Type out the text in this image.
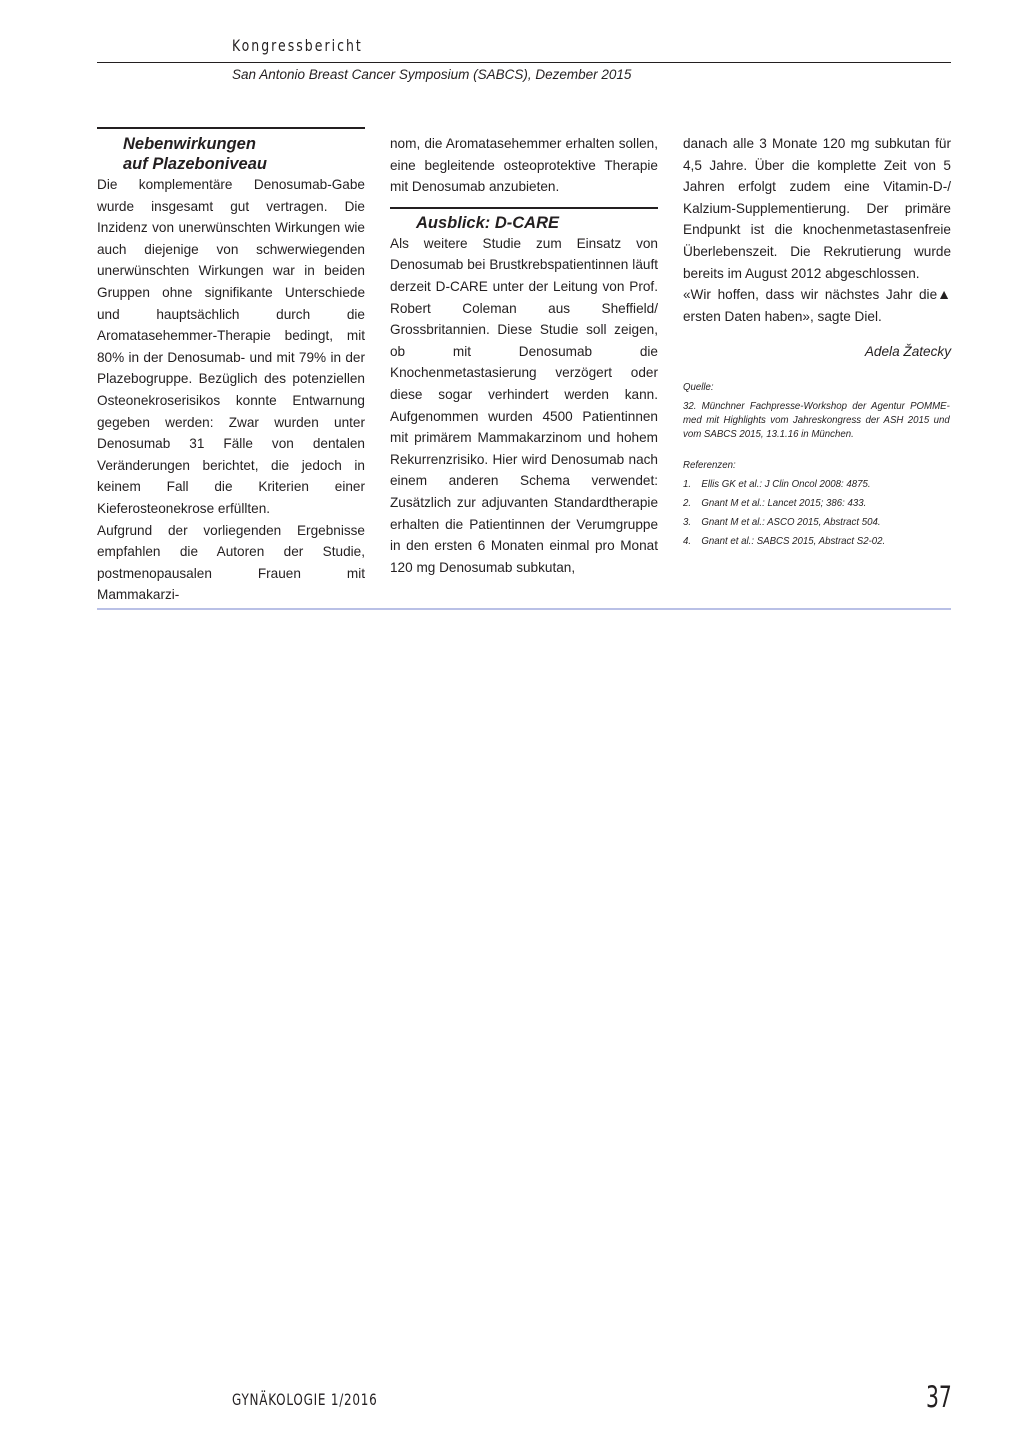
Kongressbericht
San Antonio Breast Cancer Symposium (SABCS), Dezember 2015
Nebenwirkungen
auf Plazeboniveau

Die komplementäre Denosumab-Gabe wurde insgesamt gut vertragen. Die Inzidenz von unerwünschten Wirkungen wie auch diejenige von schwerwiegenden unerwünschten Wirkungen war in beiden Gruppen ohne signifikante Unterschiede und hauptsächlich durch die Aromatasehemmer-Therapie bedingt, mit 80% in der Denosumab- und mit 79% in der Plazebogruppe. Bezüglich des potenziellen Osteonekroserisikos konnte Entwarnung gegeben werden: Zwar wurden unter Denosumab 31 Fälle von dentalen Veränderungen berichtet, die jedoch in keinem Fall die Kriterien einer Kieferosteonekrose erfüllten.

Aufgrund der vorliegenden Ergebnisse empfahlen die Autoren der Studie, postmenopausalen Frauen mit Mammakarzi-

nom, die Aromatasehemmer erhalten sollen, eine begleitende osteoprotektive Therapie mit Denosumab anzubieten.

Ausblick: D-CARE

Als weitere Studie zum Einsatz von Denosumab bei Brustkrebspatientinnen läuft derzeit D-CARE unter der Leitung von Prof. Robert Coleman aus Sheffield/ Grossbritannien. Diese Studie soll zeigen, ob mit Denosumab die Knochenmetastasierung verzögert oder diese sogar verhindert werden kann. Aufgenommen wurden 4500 Patientinnen mit primärem Mammakarzinom und hohem Rekurrenzrisiko. Hier wird Denosumab nach einem anderen Schema verwendet: Zusätzlich zur adjuvanten Standardtherapie erhalten die Patientinnen der Verumgruppe in den ersten 6 Monaten einmal pro Monat 120 mg Denosumab subkutan,

danach alle 3 Monate 120 mg subkutan für 4,5 Jahre. Über die komplette Zeit von 5 Jahren erfolgt zudem eine Vitamin-D-/ Kalzium-Supplementierung. Der primäre Endpunkt ist die knochenmetastasenfreie Überlebenszeit. Die Rekrutierung wurde bereits im August 2012 abgeschlossen.

▲
«Wir hoffen, dass wir nächstes Jahr die ersten Daten haben», sagte Diel.
Adela Žatecky
Quelle:
32. Münchner Fachpresse-Workshop der Agentur POMME-med mit Highlights vom Jahreskongress der ASH 2015 und vom SABCS 2015, 13.1.16 in München.
Referenzen:
1. Ellis GK et al.: J Clin Oncol 2008: 4875.
2. Gnant M et al.: Lancet 2015; 386: 433.
3. Gnant M et al.: ASCO 2015, Abstract 504.
4. Gnant et al.: SABCS 2015, Abstract S2-02.
GYNÄKOLOGIE 1/2016	37
